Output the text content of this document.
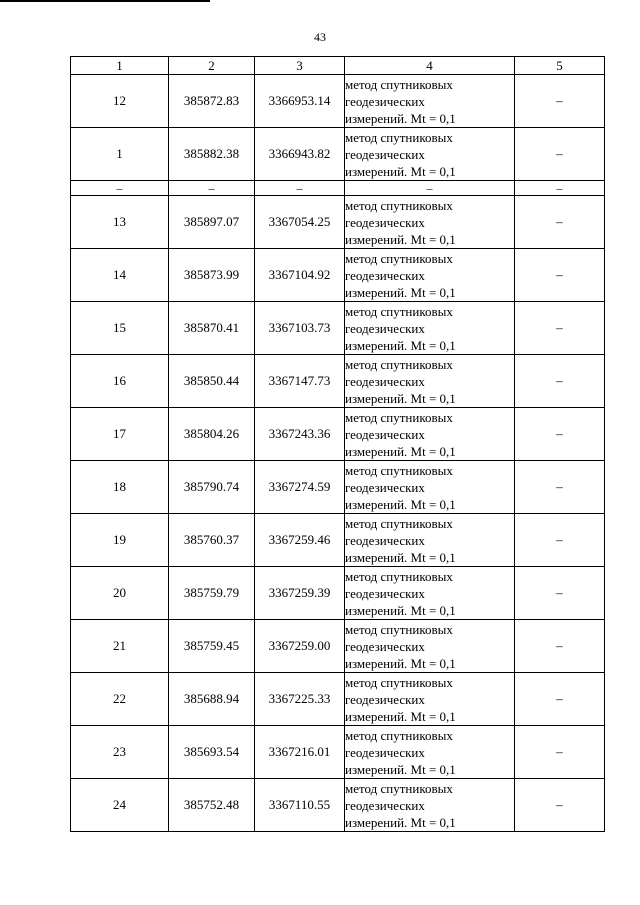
43
1	2	3	4	5
12	385872.83	3366953.14	метод спутниковых
геодезических
измерений. Mt = 0,1	–
1	385882.38	3366943.82	метод спутниковых
геодезических
измерений. Mt = 0,1	–
–	–	–	–	–
13	385897.07	3367054.25	метод спутниковых
геодезических
измерений. Mt = 0,1	–
14	385873.99	3367104.92	метод спутниковых
геодезических
измерений. Mt = 0,1	–
15	385870.41	3367103.73	метод спутниковых
геодезических
измерений. Mt = 0,1	–
16	385850.44	3367147.73	метод спутниковых
геодезических
измерений. Mt = 0,1	–
17	385804.26	3367243.36	метод спутниковых
геодезических
измерений. Mt = 0,1	–
18	385790.74	3367274.59	метод спутниковых
геодезических
измерений. Mt = 0,1	–
19	385760.37	3367259.46	метод спутниковых
геодезических
измерений. Mt = 0,1	–
20	385759.79	3367259.39	метод спутниковых
геодезических
измерений. Mt = 0,1	–
21	385759.45	3367259.00	метод спутниковых
геодезических
измерений. Mt = 0,1	–
22	385688.94	3367225.33	метод спутниковых
геодезических
измерений. Mt = 0,1	–
23	385693.54	3367216.01	метод спутниковых
геодезических
измерений. Mt = 0,1	–
24	385752.48	3367110.55	метод спутниковых
геодезических
измерений. Mt = 0,1	–
